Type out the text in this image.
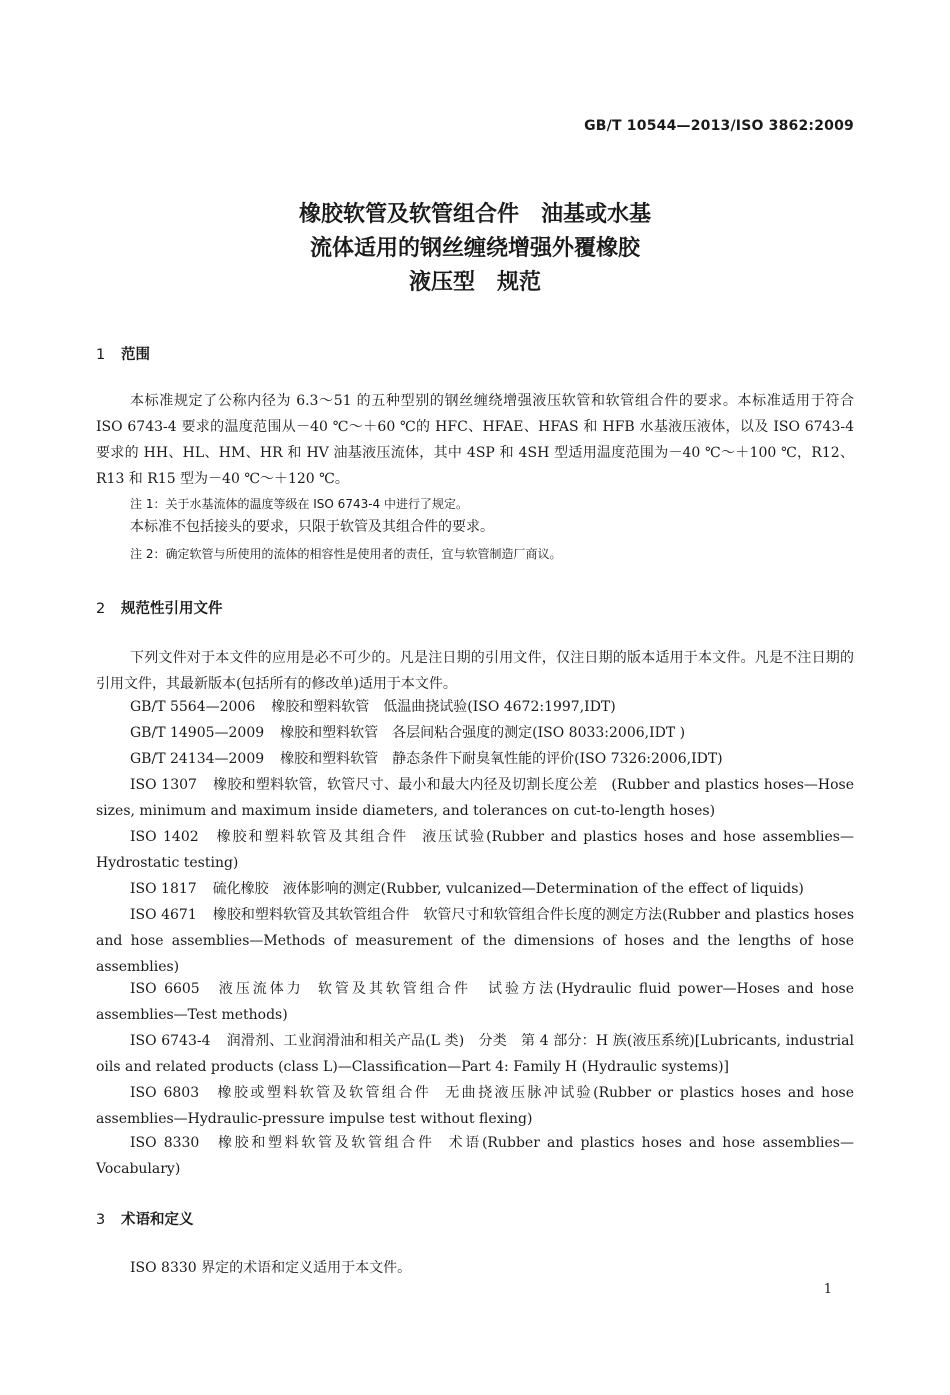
GB/T 10544—2013/ISO 3862:2009
橡胶软管及软管组合件　油基或水基
流体适用的钢丝缠绕增强外覆橡胶
液压型　规范
1 范围
本标准规定了公称内径为 6.3～51 的五种型别的钢丝缠绕增强液压软管和软管组合件的要求。本标准适用于符合 ISO 6743-4 要求的温度范围从－40 ℃～＋60 ℃的 HFC、HFAE、HFAS 和 HFB 水基液压液体，以及 ISO 6743-4 要求的 HH、HL、HM、HR 和 HV 油基液压流体，其中 4SP 和 4SH 型适用温度范围为－40 ℃～＋100 ℃，R12、R13 和 R15 型为－40 ℃～＋120 ℃。
注 1：关于水基流体的温度等级在 ISO 6743-4 中进行了规定。
本标准不包括接头的要求，只限于软管及其组合件的要求。
注 2：确定软管与所使用的流体的相容性是使用者的责任，宜与软管制造厂商议。
2 规范性引用文件
下列文件对于本文件的应用是必不可少的。凡是注日期的引用文件，仅注日期的版本适用于本文件。凡是不注日期的引用文件，其最新版本(包括所有的修改单)适用于本文件。
GB/T 5564—2006 橡胶和塑料软管 低温曲挠试验(ISO 4672:1997,IDT)
GB/T 14905—2009 橡胶和塑料软管 各层间粘合强度的测定(ISO 8033:2006,IDT )
GB/T 24134—2009 橡胶和塑料软管 静态条件下耐臭氧性能的评价(ISO 7326:2006,IDT)
ISO 1307 橡胶和塑料软管，软管尺寸、最小和最大内径及切割长度公差 (Rubber and plastics hoses—Hose sizes, minimum and maximum inside diameters, and tolerances on cut-to-length hoses)
ISO 1402 橡胶和塑料软管及其组合件 液压试验(Rubber and plastics hoses and hose assemblies—Hydrostatic testing)
ISO 1817 硫化橡胶 液体影响的测定(Rubber, vulcanized—Determination of the effect of liquids)
ISO 4671 橡胶和塑料软管及其软管组合件 软管尺寸和软管组合件长度的测定方法(Rubber and plastics hoses and hose assemblies—Methods of measurement of the dimensions of hoses and the lengths of hose assemblies)
ISO 6605 液压流体力 软管及其软管组合件　试验方法(Hydraulic fluid power—Hoses and hose assemblies—Test methods)
ISO 6743-4 润滑剂、工业润滑油和相关产品(L 类)　分类 第 4 部分：H 族(液压系统)[Lubricants, industrial oils and related products (class L)—Classification—Part 4: Family H (Hydraulic systems)]
ISO 6803 橡胶或塑料软管及软管组合件 无曲挠液压脉冲试验(Rubber or plastics hoses and hose assemblies—Hydraulic-pressure impulse test without flexing)
ISO 8330 橡胶和塑料软管及软管组合件 术语(Rubber and plastics hoses and hose assemblies—Vocabulary)
3 术语和定义
ISO 8330 界定的术语和定义适用于本文件。
1
